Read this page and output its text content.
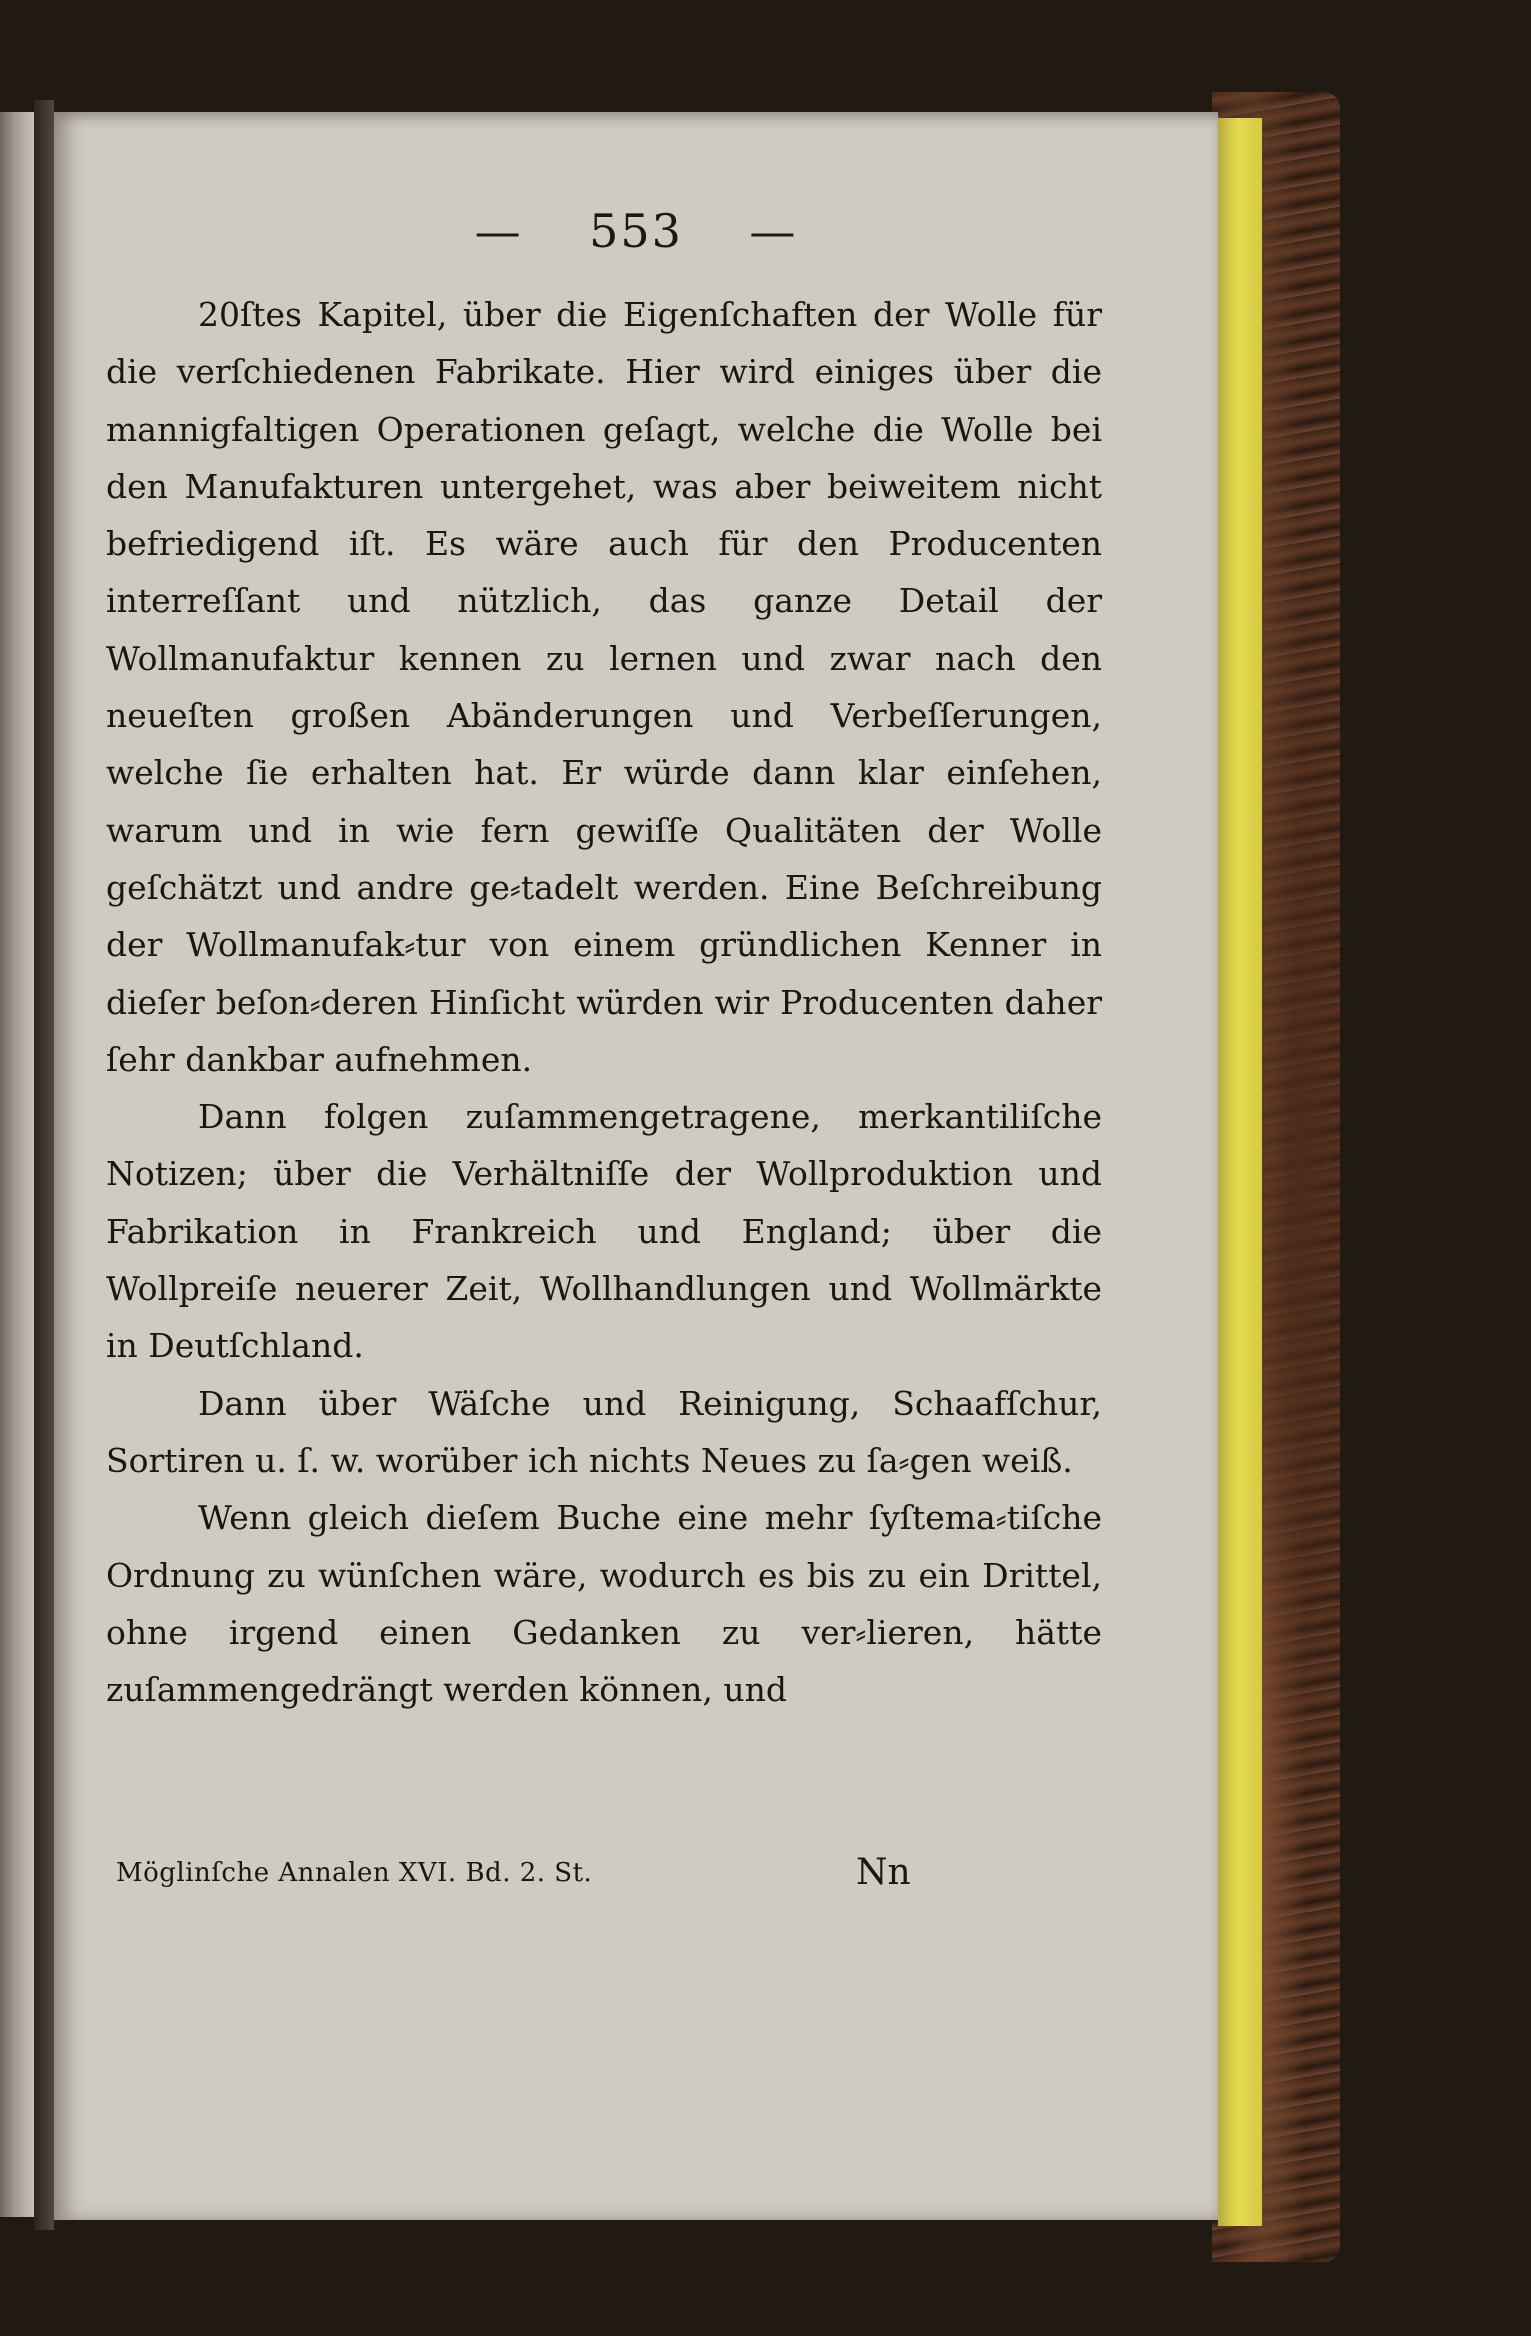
— 553 —

20ſtes Kapitel, über die Eigenſchaften der Wolle für die verſchiedenen Fabrikate. Hier wird einiges über die mannigfaltigen Operationen geſagt, welche die Wolle bei den Manufakturen untergehet, was aber beiweitem nicht befriedigend iſt. Es wäre auch für den Producenten interreſſant und nützlich, das ganze Detail der Wollmanufaktur kennen zu lernen und zwar nach den neueſten großen Abänderungen und Verbeſſerungen, welche ſie erhalten hat. Er würde dann klar einſehen, warum und in wie fern gewiſſe Qualitäten der Wolle geſchätzt und andre ge⸗tadelt werden. Eine Beſchreibung der Wollmanufak⸗tur von einem gründlichen Kenner in dieſer beſon⸗deren Hinſicht würden wir Producenten daher ſehr dankbar aufnehmen.

Dann folgen zuſammengetragene, merkantiliſche Notizen; über die Verhältniſſe der Wollproduktion und Fabrikation in Frankreich und England; über die Wollpreiſe neuerer Zeit, Wollhandlungen und Wollmärkte in Deutſchland.

Dann über Wäſche und Reinigung, Schaafſchur, Sortiren u. ſ. w. worüber ich nichts Neues zu ſa⸗gen weiß.

Wenn gleich dieſem Buche eine mehr ſyſtema⸗tiſche Ordnung zu wünſchen wäre, wodurch es bis zu ein Drittel, ohne irgend einen Gedanken zu ver⸗lieren, hätte zuſammengedrängt werden können, und

Möglinſche Annalen XVI. Bd. 2. St.	Nn
